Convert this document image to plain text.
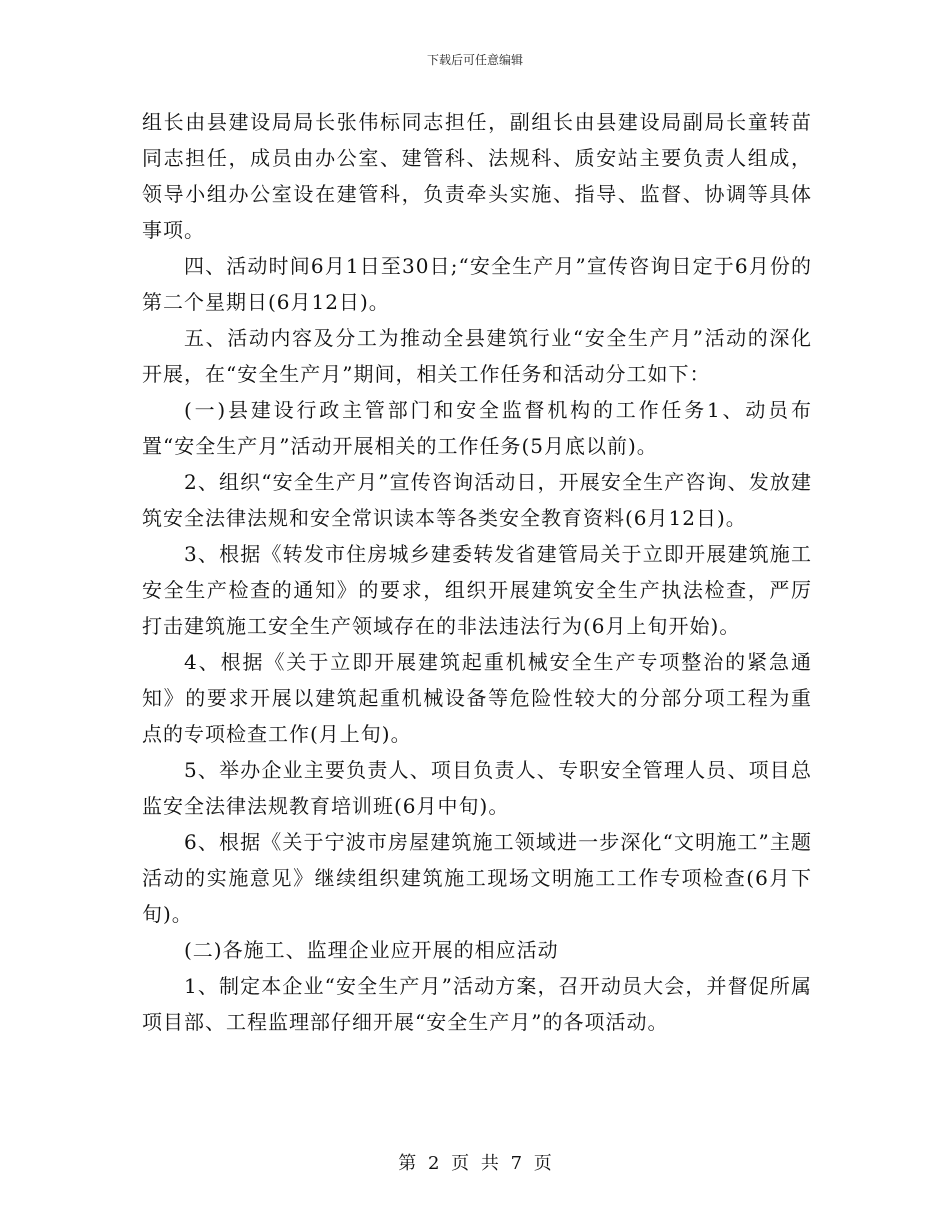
下载后可任意编辑

组长由县建设局局长张伟标同志担任，副组长由县建设局副局长童转苗同志担任，成员由办公室、建管科、法规科、质安站主要负责人组成，领导小组办公室设在建管科，负责牵头实施、指导、监督、协调等具体事项。

四、活动时间6月1日至30日;“安全生产月”宣传咨询日定于6月份的第二个星期日(6月12日)。

五、活动内容及分工为推动全县建筑行业“安全生产月”活动的深化开展，在“安全生产月”期间，相关工作任务和活动分工如下：

(一)县建设行政主管部门和安全监督机构的工作任务1、动员布置“安全生产月”活动开展相关的工作任务(5月底以前)。

2、组织“安全生产月”宣传咨询活动日，开展安全生产咨询、发放建筑安全法律法规和安全常识读本等各类安全教育资料(6月12日)。

3、根据《转发市住房城乡建委转发省建管局关于立即开展建筑施工安全生产检查的通知》的要求，组织开展建筑安全生产执法检查，严厉打击建筑施工安全生产领域存在的非法违法行为(6月上旬开始)。

4、根据《关于立即开展建筑起重机械安全生产专项整治的紧急通知》的要求开展以建筑起重机械设备等危险性较大的分部分项工程为重点的专项检查工作(月上旬)。

5、举办企业主要负责人、项目负责人、专职安全管理人员、项目总监安全法律法规教育培训班(6月中旬)。

6、根据《关于宁波市房屋建筑施工领域进一步深化“文明施工”主题活动的实施意见》继续组织建筑施工现场文明施工工作专项检查(6月下旬)。

(二)各施工、监理企业应开展的相应活动

1、制定本企业“安全生产月”活动方案，召开动员大会，并督促所属项目部、工程监理部仔细开展“安全生产月”的各项活动。

第 2 页 共 7 页
